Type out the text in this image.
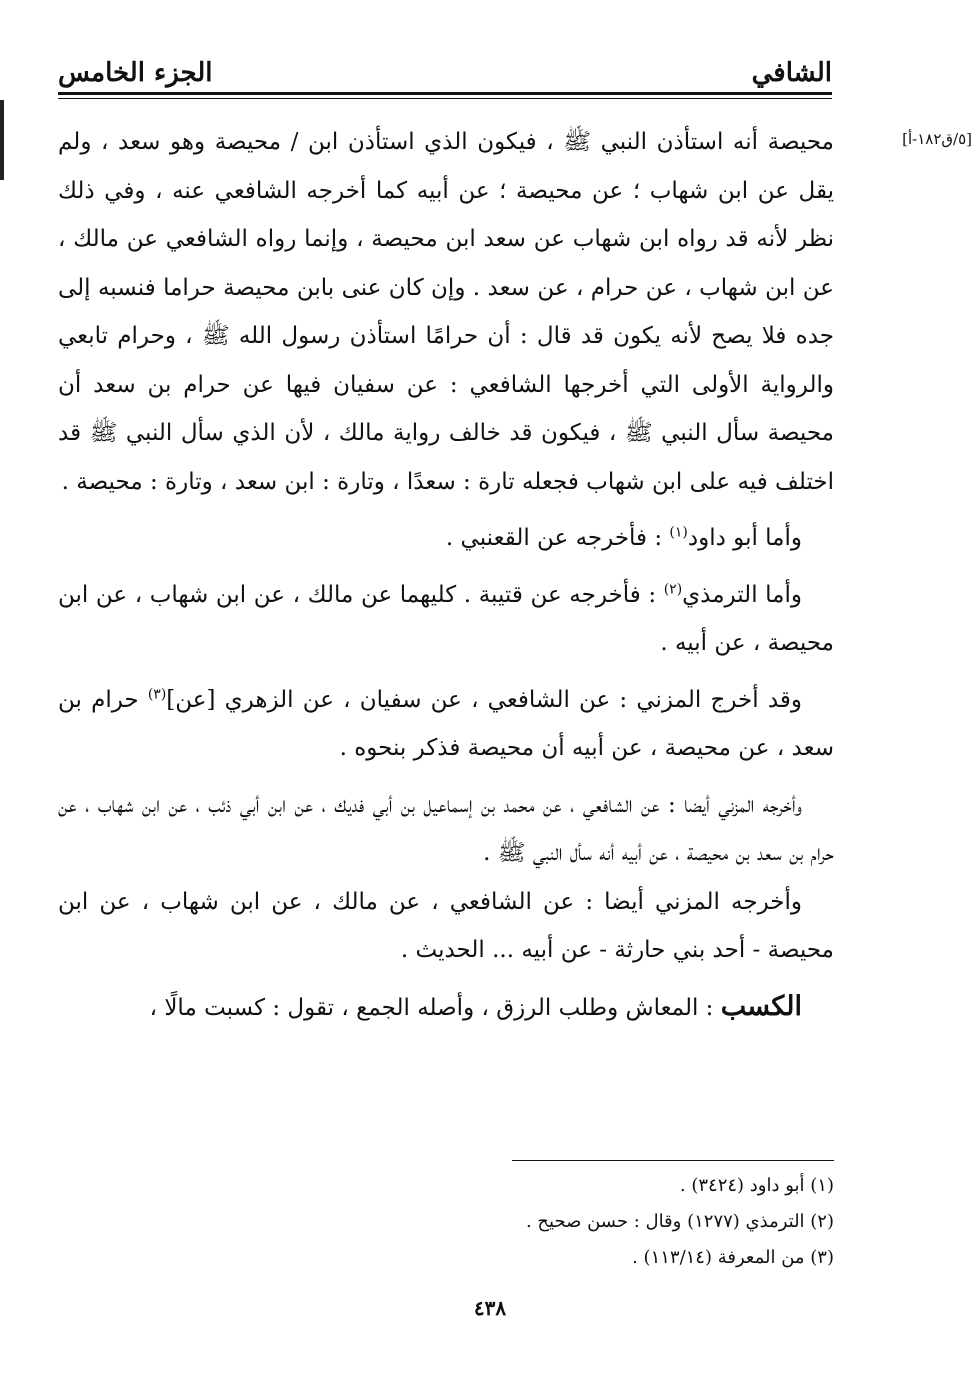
الشافي
الجزء الخامس
[٥/ق١٨٢-أ]

محيصة أنه استأذن النبي ﷺ ، فيكون الذي استأذن ابن / محيصة وهو سعد ، ولم يقل عن ابن شهاب ؛ عن محيصة ؛ عن أبيه كما أخرجه الشافعي عنه ، وفي ذلك نظر لأنه قد رواه ابن شهاب عن سعد ابن محيصة ، وإنما رواه الشافعي عن مالك ، عن ابن شهاب ، عن حرام ، عن سعد . وإن كان عنى بابن محيصة حراما فنسبه إلى جده فلا يصح لأنه يكون قد قال : أن حرامًا استأذن رسول الله ﷺ ، وحرام تابعي والرواية الأولى التي أخرجها الشافعي : عن سفيان فيها عن حرام بن سعد أن محيصة سأل النبي ﷺ ، فيكون قد خالف رواية مالك ، لأن الذي سأل النبي ﷺ قد اختلف فيه على ابن شهاب فجعله تارة : سعدًا ، وتارة : ابن سعد ، وتارة : محيصة .

وأما أبو داود$^{(١)}$ : فأخرجه عن القعنبي .

وأما الترمذي$^{(٢)}$ : فأخرجه عن قتيبة . كليهما عن مالك ، عن ابن شهاب ، عن ابن محيصة ، عن أبيه .

وقد أخرج المزني : عن الشافعي ، عن سفيان ، عن الزهري [عن]$^{(٣)}$ حرام بن سعد ، عن محيصة ، عن أبيه أن محيصة فذكر بنحوه .

وأخرجه المزني أيضا : عن الشافعي ، عن محمد بن إسماعيل بن أبي فديك ، عن ابن أبي ذئب ، عن ابن شهاب ، عن حرام بن سعد بن محيصة ، عن أبيه أنه سأل النبي ﷺ .

وأخرجه المزني أيضا : عن الشافعي ، عن مالك ، عن ابن شهاب ، عن ابن محيصة - أحد بني حارثة - عن أبيه ... الحديث .

الكسب : المعاش وطلب الرزق ، وأصله الجمع ، تقول : كسبت مالًا ،

(١) أبو داود (٣٤٢٤) .
(٢) الترمذي (١٢٧٧) وقال : حسن صحيح .
(٣) من المعرفة (١١٣/١٤) .
٤٣٨
